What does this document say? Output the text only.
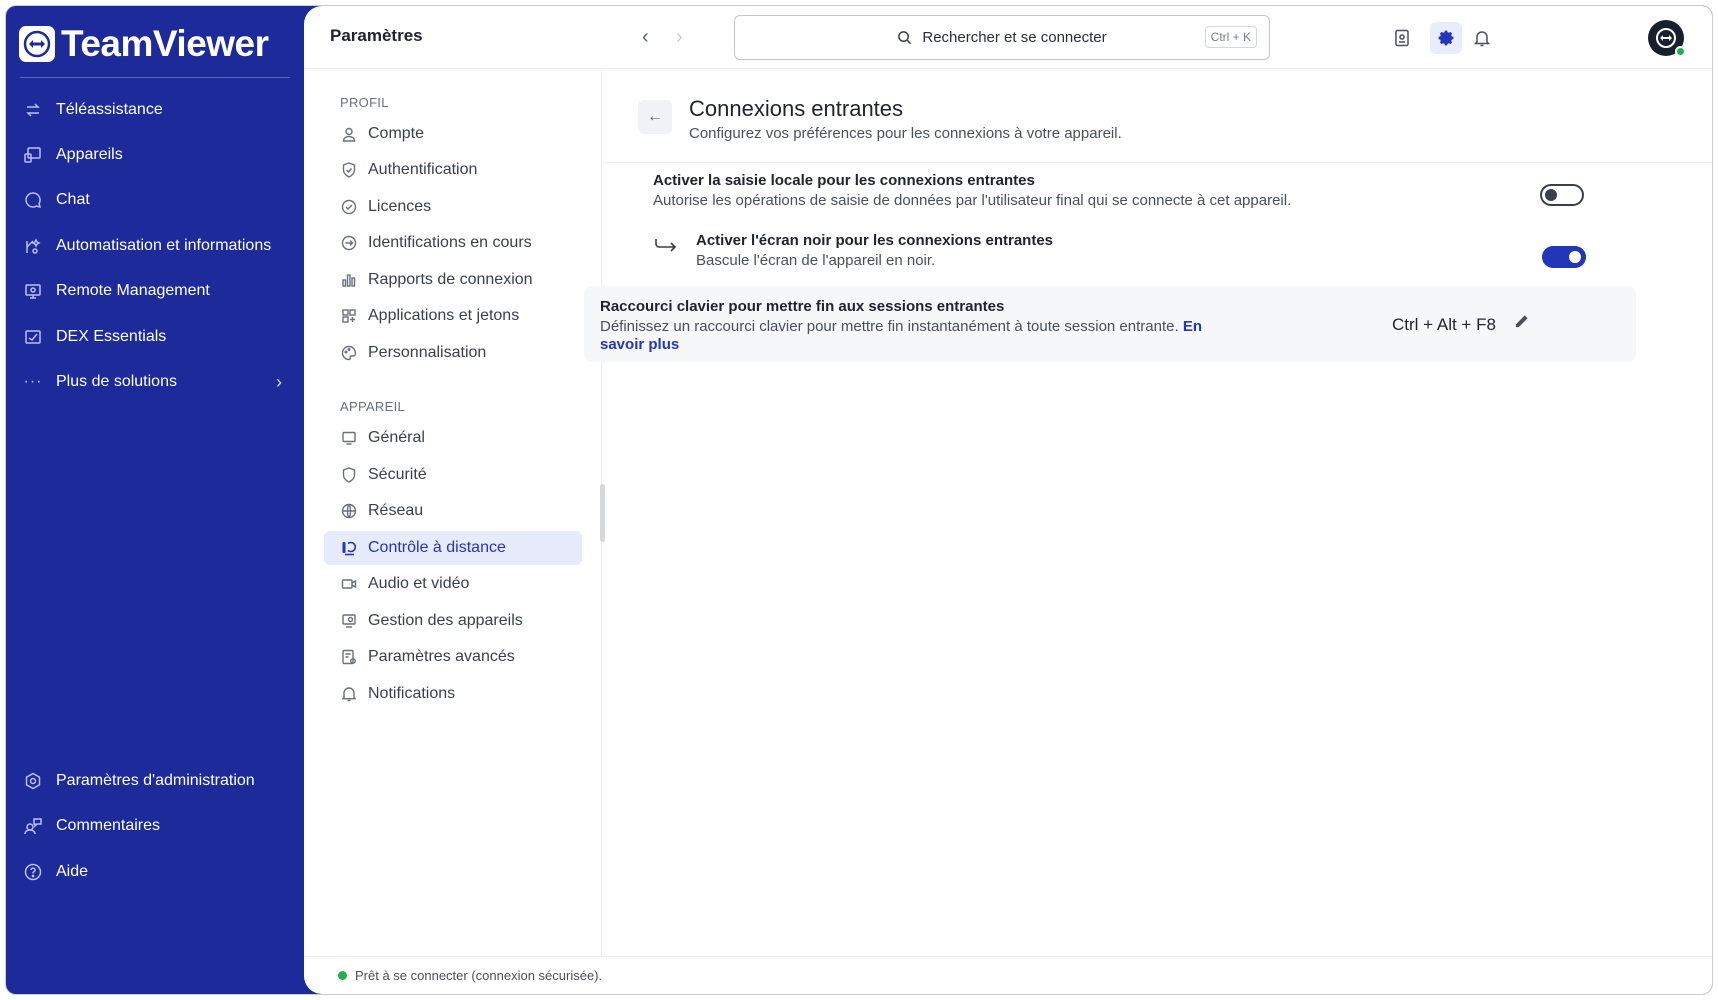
TeamViewer
Téléassistance
Appareils
Chat
Automatisation et informations
Remote Management
DEX Essentials
··· Plus de solutions	›
Paramètres d'administration
Commentaires
Aide
Paramètres	‹ ›	Rechercher et se connecter	Ctrl + K
PROFIL
Compte
Authentification
Licences
Identifications en cours
Rapports de connexion
Applications et jetons
Personnalisation
APPAREIL
Général
Sécurité
Réseau
Contrôle à distance
Audio et vidéo
Gestion des appareils
Paramètres avancés
Notifications
← Connexions entrantes
Configurez vos préférences pour les connexions à votre appareil.
Activer la saisie locale pour les connexions entrantes
Autorise les opérations de saisie de données par l'utilisateur final qui se connecte à cet appareil.
Activer l'écran noir pour les connexions entrantes
Bascule l'écran de l'appareil en noir.
Raccourci clavier pour mettre fin aux sessions entrantes
Définissez un raccourci clavier pour mettre fin instantanément à toute session entrante. En savoir plus
Ctrl + Alt + F8
Prêt à se connecter (connexion sécurisée).
